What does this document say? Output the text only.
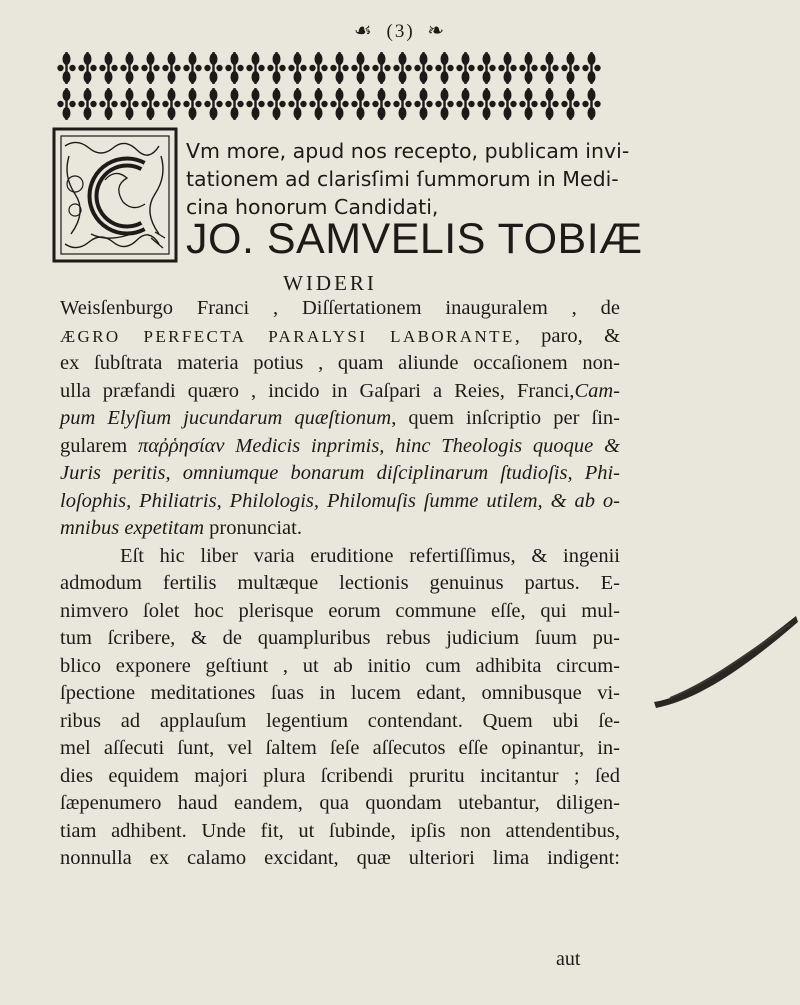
☙ (3) ❧
Vm more, apud nos recepto, publicam invi-
tationem ad clarisſimi ſummorum in Medi-
cina honorum Candidati,
JO. SAMVELIS TOBIÆ
WIDERI
Weisſenburgo Franci , Diſſertationem inauguralem , de
ÆGRO PERFECTA PARALYSI LABORANTE, paro, &
ex ſubſtrata materia potius , quam aliunde occaſionem non-
ulla præfandi quæro , incido in Gaſpari a Reies, Franci,Cam-
pum Elyſium jucundarum quæſtionum, quem inſcriptio per ſin-
gularem παῤῥησίαν Medicis inprimis, hinc Theologis quoque &
Juris peritis, omniumque bonarum diſciplinarum ſtudioſis, Phi-
loſophis, Philiatris, Philologis, Philomuſis ſumme utilem, & ab o-
mnibus expetitam pronunciat.
Eſt hic liber varia eruditione refertiſſimus, & ingenii
admodum fertilis multæque lectionis genuinus partus. E-
nimvero ſolet hoc plerisque eorum commune eſſe, qui mul-
tum ſcribere, & de quampluribus rebus judicium ſuum pu-
blico exponere geſtiunt , ut ab initio cum adhibita circum-
ſpectione meditationes ſuas in lucem edant, omnibusque vi-
ribus ad applauſum legentium contendant. Quem ubi ſe-
mel aſſecuti ſunt, vel ſaltem ſeſe aſſecutos eſſe opinantur, in-
dies equidem majori plura ſcribendi pruritu incitantur ; ſed
ſæpenumero haud eandem, qua quondam utebantur, diligen-
tiam adhibent. Unde fit, ut ſubinde, ipſis non attendentibus,
nonnulla ex calamo excidant, quæ ulteriori lima indigent:
aut
